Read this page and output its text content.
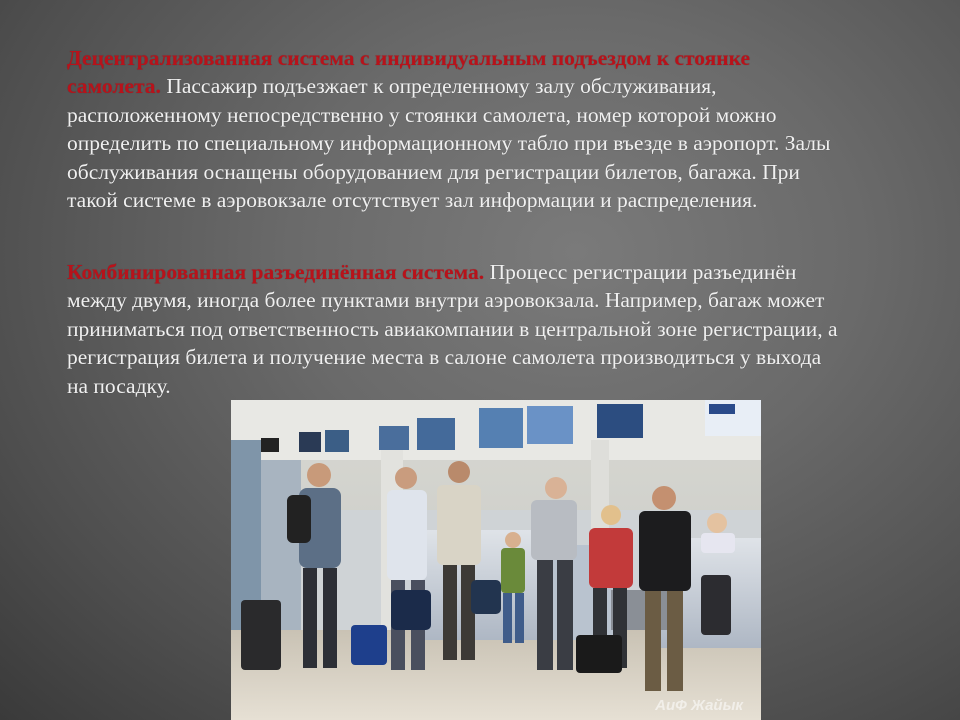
Децентрализованная система с индивидуальным подъездом к стоянке самолета. Пассажир подъезжает к определенному залу обслуживания, расположенному непосредственно у стоянки самолета, номер которой можно определить по специальному информационному табло при въезде в аэропорт. Залы обслуживания оснащены оборудованием для регистрации билетов, багажа. При такой системе в аэровокзале отсутствует зал информации и распределения.
Комбинированная разъединённая система. Процесс регистрации разъединён между двумя, иногда более пунктами внутри аэровокзала. Например, багаж может приниматься под ответственность авиакомпании в центральной зоне регистрации, а регистрация билета и получение места в салоне самолета производиться у выхода на посадку.
АиФ Жайык
